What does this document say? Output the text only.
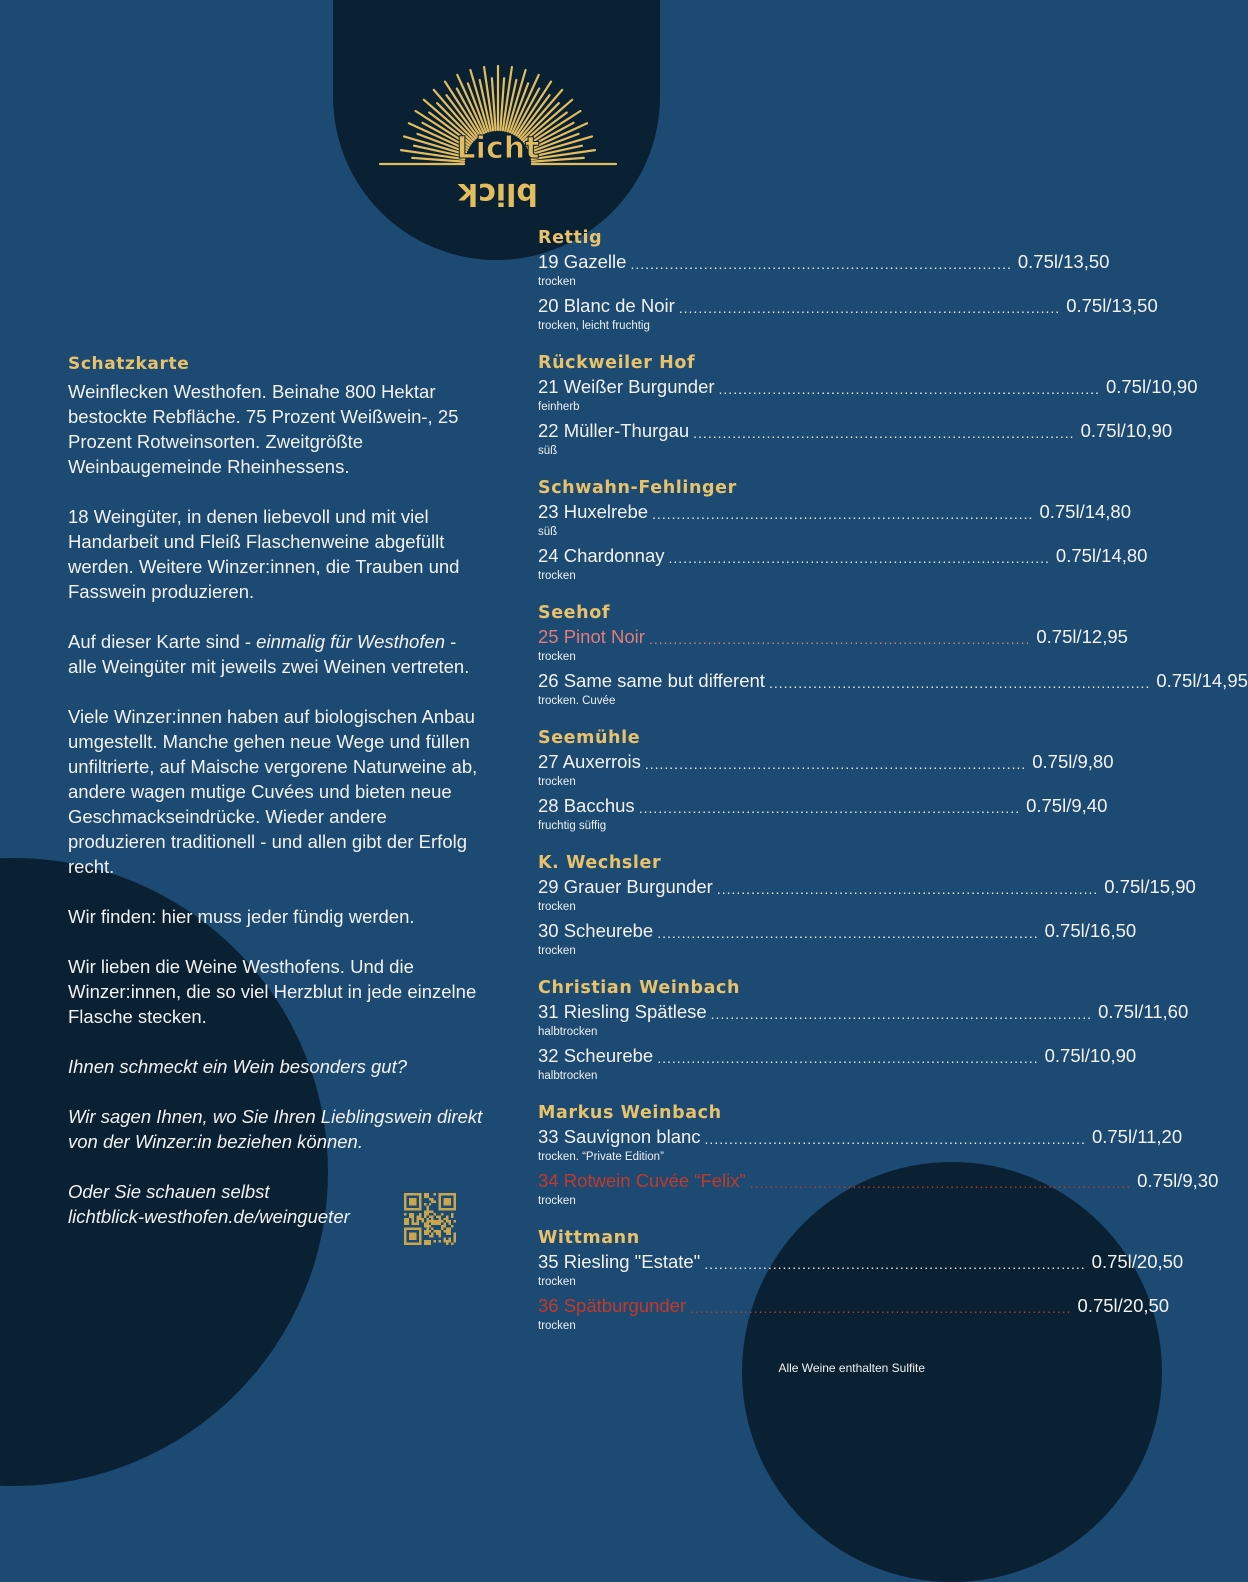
Licht
blick
Schatzkarte

Weinflecken Westhofen. Beinahe 800 Hektar bestockte Rebfläche. 75 Prozent Weißwein-, 25 Prozent Rotweinsorten. Zweitgrößte Weinbaugemeinde Rheinhessens.

18 Weingüter, in denen liebevoll und mit viel Handarbeit und Fleiß Flaschenweine abgefüllt werden. Weitere Winzer:innen, die Trauben und Fasswein produzieren.

Auf dieser Karte sind - einmalig für Westhofen - alle Weingüter mit jeweils zwei Weinen vertreten.

Viele Winzer:innen haben auf biologischen Anbau umgestellt. Manche gehen neue Wege und füllen unfiltrierte, auf Maische vergorene Naturweine ab, andere wagen mutige Cuvées und bieten neue Geschmackseindrücke. Wieder andere produzieren traditionell - und allen gibt der Erfolg recht.

Wir finden: hier muss jeder fündig werden.

Wir lieben die Weine Westhofens. Und die Winzer:innen, die so viel Herzblut in jede einzelne Flasche stecken.

Ihnen schmeckt ein Wein besonders gut?

Wir sagen Ihnen, wo Sie Ihren Lieblingswein direkt von der Winzer:in beziehen können.

Oder Sie schauen selbst
lichtblick-westhofen.de/weingueter

Rettig
19 Gazelle .............................................................................. 0.75l/13,50
trocken
20 Blanc de Noir .............................................................................. 0.75l/13,50
trocken, leicht fruchtig
Rückweiler Hof
21 Weißer Burgunder .............................................................................. 0.75l/10,90
feinherb
22 Müller-Thurgau .............................................................................. 0.75l/10,90
süß
Schwahn-Fehlinger
23 Huxelrebe .............................................................................. 0.75l/14,80
süß
24 Chardonnay .............................................................................. 0.75l/14,80
trocken
Seehof
25 Pinot Noir .............................................................................. 0.75l/12,95
trocken
26 Same same but different .............................................................................. 0.75l/14,95
trocken. Cuvée
Seemühle
27 Auxerrois .............................................................................. 0.75l/9,80
trocken
28 Bacchus .............................................................................. 0.75l/9,40
fruchtig süffig
K. Wechsler
29 Grauer Burgunder .............................................................................. 0.75l/15,90
trocken
30 Scheurebe .............................................................................. 0.75l/16,50
trocken
Christian Weinbach
31 Riesling Spätlese .............................................................................. 0.75l/11,60
halbtrocken
32 Scheurebe .............................................................................. 0.75l/10,90
halbtrocken
Markus Weinbach
33 Sauvignon blanc .............................................................................. 0.75l/11,20
trocken. “Private Edition”
34 Rotwein Cuvée “Felix” .............................................................................. 0.75l/9,30
trocken
Wittmann
35 Riesling "Estate" .............................................................................. 0.75l/20,50
trocken
36 Spätburgunder .............................................................................. 0.75l/20,50
trocken
Alle Weine enthalten Sulfite
